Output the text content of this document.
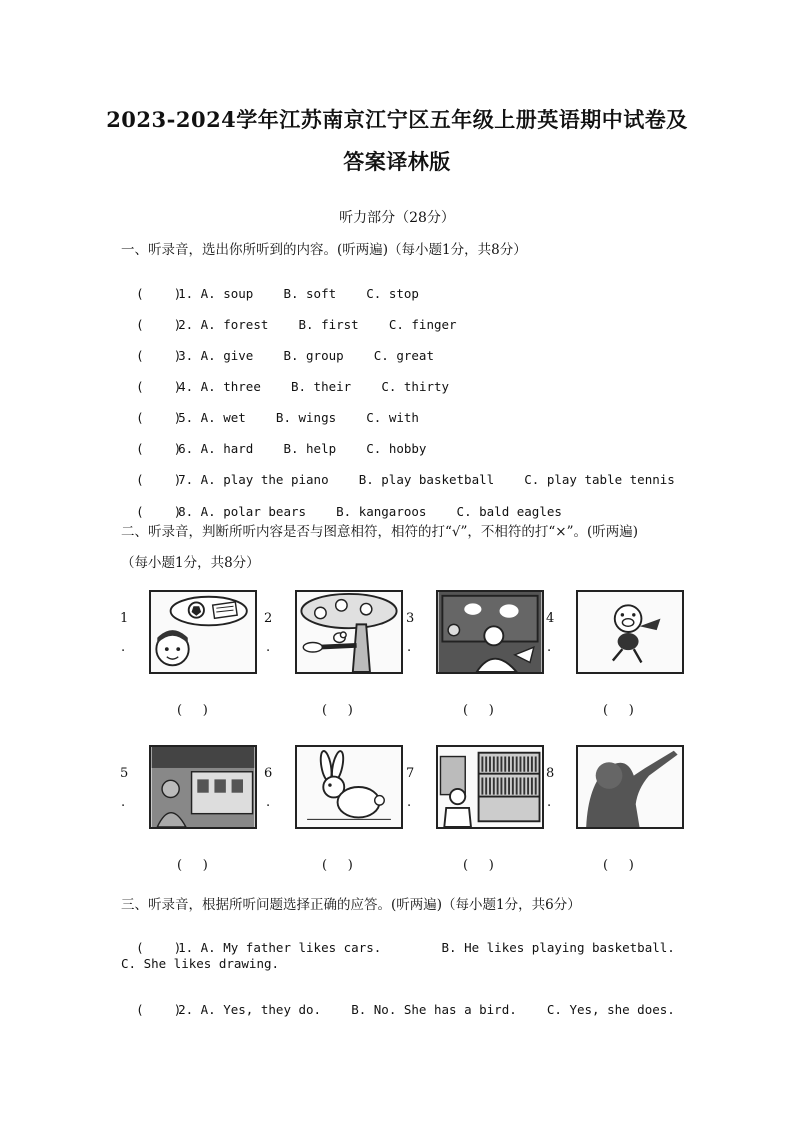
2023-2024学年江苏南京江宁区五年级上册英语期中试卷及
答案译林版
听力部分（28分）
一、听录音，选出你所听到的内容。(听两遍)（每小题1分，共8分）

(    )1. A. soup B. soft C. stop

(    )2. A. forest B. first C. finger

(    )3. A. give B. group C. great

(    )4. A. three B. their C. thirty

(    )5. A. wet B. wings C. with

(    )6. A. hard B. help C. hobby

(    )7. A. play the piano B. play basketball C. play table tennis

(    )8. A. polar bears B. kangaroos C. bald eagles

二、听录音，判断所听内容是否与图意相符，相符的打“√”，不相符的打“×”。(听两遍)
（每小题1分，共8分）
1
.
(     )
2
.
(     )
3
.
(     )
4
.
(     )
5
.
(     )
6
.
(     )
7
.
(     )
8
.
(     )
三、听录音，根据所听问题选择正确的应答。(听两遍)（每小题1分，共6分）

(    )1. A. My father likes cars.	B. He likes playing basketball.

C. She likes drawing.

(    )2. A. Yes, they do. B. No. She has a bird. C. Yes, she does.
